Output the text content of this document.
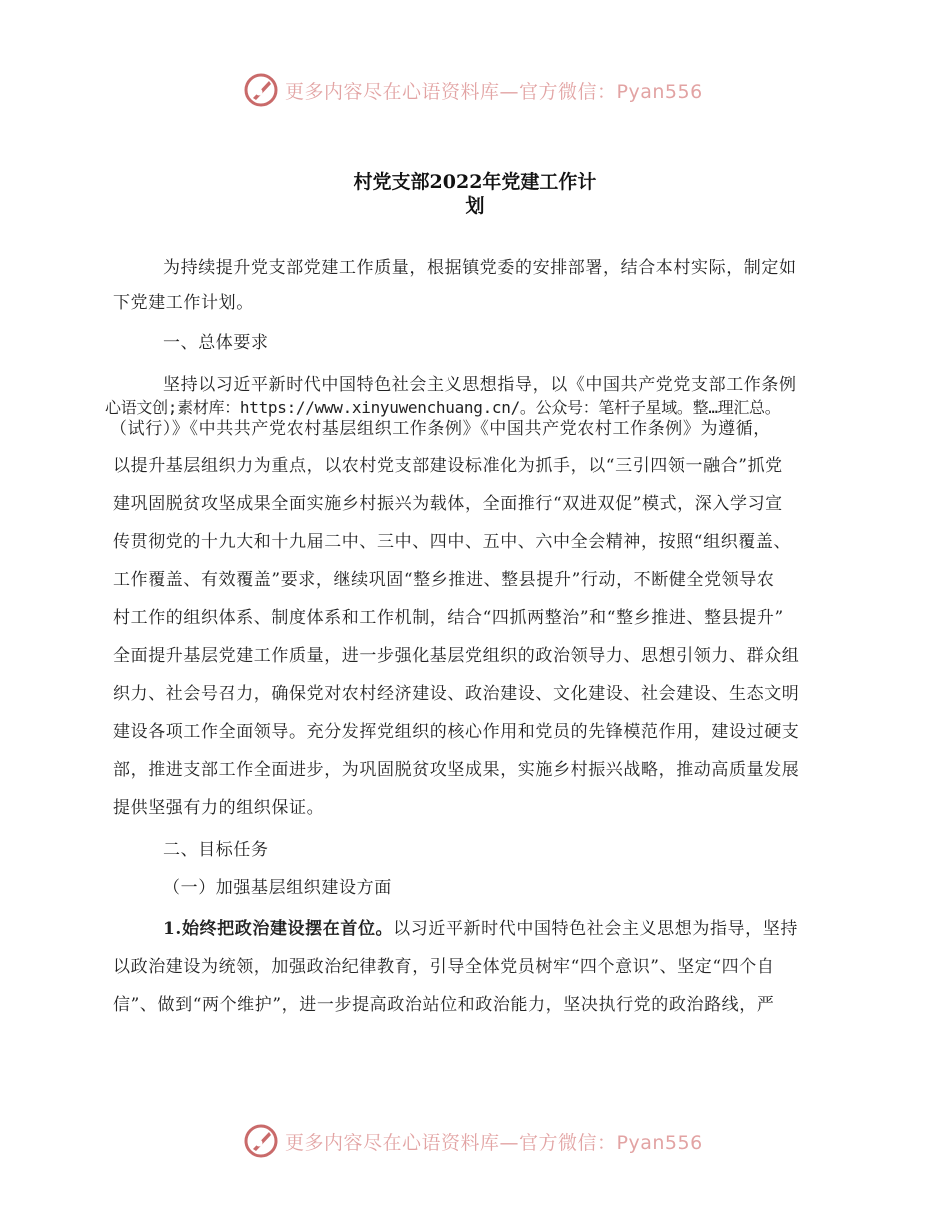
更多内容尽在心语资料库—官方微信：Pyan556
村党支部2022年党建工作计
划
为持续提升党支部党建工作质量，根据镇党委的安排部署，结合本村实际，制定如
下党建工作计划。
一、总体要求
坚持以习近平新时代中国特色社会主义思想指导，以《中国共产党党支部工作条例
心语文创;素材库：https://www.xinyuwenchuang.cn/。公众号：笔杆子星域。整…理汇总。
（试行）》《中共共产党农村基层组织工作条例》《中国共产党农村工作条例》为遵循，
以提升基层组织力为重点，以农村党支部建设标准化为抓手，以“三引四领一融合”抓党
建巩固脱贫攻坚成果全面实施乡村振兴为载体，全面推行“双进双促”模式，深入学习宣
传贯彻党的十九大和十九届二中、三中、四中、五中、六中全会精神，按照“组织覆盖、
工作覆盖、有效覆盖”要求，继续巩固“整乡推进、整县提升”行动，不断健全党领导农
村工作的组织体系、制度体系和工作机制，结合“四抓两整治”和“整乡推进、整县提升”
全面提升基层党建工作质量，进一步强化基层党组织的政治领导力、思想引领力、群众组
织力、社会号召力，确保党对农村经济建设、政治建设、文化建设、社会建设、生态文明
建设各项工作全面领导。充分发挥党组织的核心作用和党员的先锋模范作用，建设过硬支
部，推进支部工作全面进步，为巩固脱贫攻坚成果，实施乡村振兴战略，推动高质量发展
提供坚强有力的组织保证。
二、目标任务
（一）加强基层组织建设方面
1.始终把政治建设摆在首位。以习近平新时代中国特色社会主义思想为指导，坚持
以政治建设为统领，加强政治纪律教育，引导全体党员树牢“四个意识”、坚定“四个自
信”、做到“两个维护”，进一步提高政治站位和政治能力，坚决执行党的政治路线，严
更多内容尽在心语资料库—官方微信：Pyan556
